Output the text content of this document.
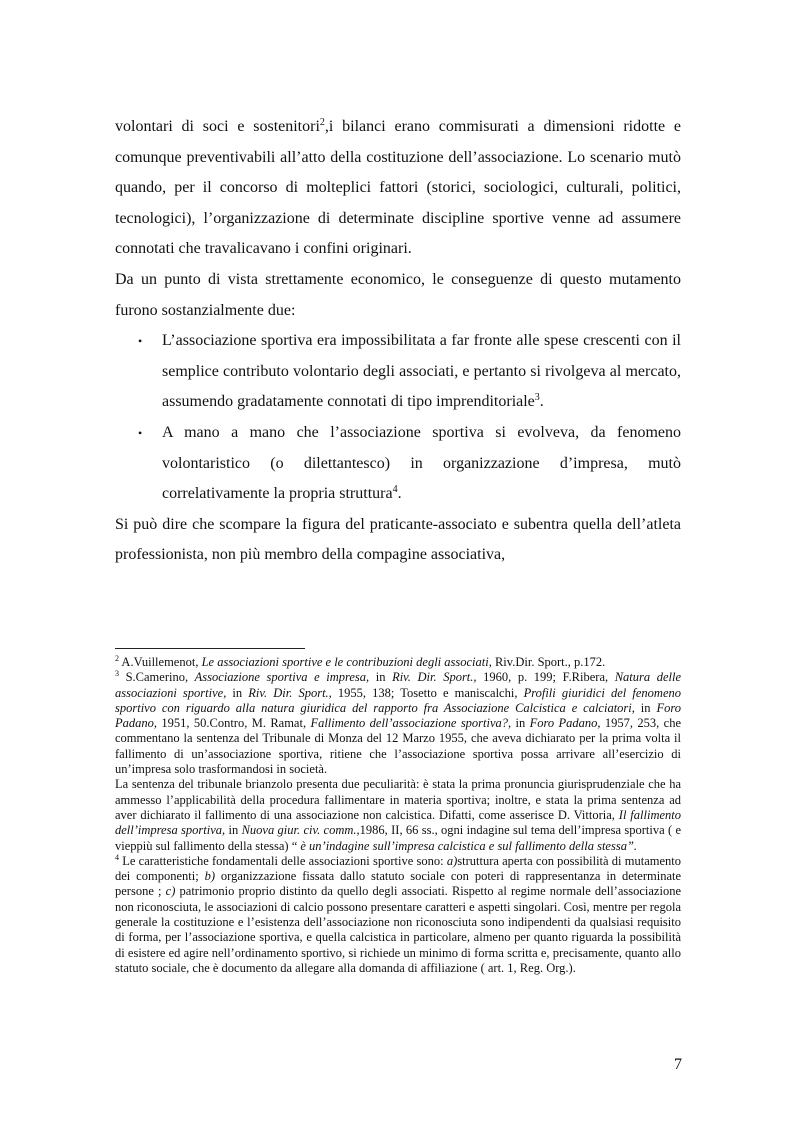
volontari di soci e sostenitori$^2$,i bilanci erano commisurati a dimensioni ridotte e comunque preventivabili all’atto della costituzione dell’associazione. Lo scenario mutò quando, per il concorso di molteplici fattori (storici, sociologici, culturali, politici, tecnologici), l’organizzazione di determinate discipline sportive venne ad assumere connotati che travalicavano i confini originari.

Da un punto di vista strettamente economico, le conseguenze di questo mutamento furono sostanzialmente due:

• L’associazione sportiva era impossibilitata a far fronte alle spese crescenti con il semplice contributo volontario degli associati, e pertanto si rivolgeva al mercato, assumendo gradatamente connotati di tipo imprenditoriale$^3$.
• A mano a mano che l’associazione sportiva si evolveva, da fenomeno volontaristico (o dilettantesco) in organizzazione d’impresa, mutò correlativamente la propria struttura$^4$.

Si può dire che scompare la figura del praticante-associato e subentra quella dell’atleta professionista, non più membro della compagine associativa,

$^2$ A.Vuillemenot, Le associazioni sportive e le contribuzioni degli associati, Riv.Dir. Sport., p.172.

$^3$ S.Camerino, Associazione sportiva e impresa, in Riv. Dir. Sport., 1960, p. 199; F.Ribera, Natura delle associazioni sportive, in Riv. Dir. Sport., 1955, 138; Tosetto e maniscalchi, Profili giuridici del fenomeno sportivo con riguardo alla natura giuridica del rapporto fra Associazione Calcistica e calciatori, in Foro Padano, 1951, 50.Contro, M. Ramat, Fallimento dell’associazione sportiva?, in Foro Padano, 1957, 253, che commentano la sentenza del Tribunale di Monza del 12 Marzo 1955, che aveva dichiarato per la prima volta il fallimento di un’associazione sportiva, ritiene che l’associazione sportiva possa arrivare all’esercizio di un’impresa solo trasformandosi in società.

La sentenza del tribunale brianzolo presenta due peculiarità: è stata la prima pronuncia giurisprudenziale che ha ammesso l’applicabilità della procedura fallimentare in materia sportiva; inoltre, e stata la prima sentenza ad aver dichiarato il fallimento di una associazione non calcistica. Difatti, come asserisce D. Vittoria, Il fallimento dell’impresa sportiva, in Nuova giur. civ. comm.,1986, II, 66 ss., ogni indagine sul tema dell’impresa sportiva ( e vieppiù sul fallimento della stessa) “ è un’indagine sull’impresa calcistica e sul fallimento della stessa”.

$^4$ Le caratteristiche fondamentali delle associazioni sportive sono: a)struttura aperta con possibilità di mutamento dei componenti; b) organizzazione fissata dallo statuto sociale con poteri di rappresentanza in determinate persone ; c) patrimonio proprio distinto da quello degli associati. Rispetto al regime normale dell’associazione non riconosciuta, le associazioni di calcio possono presentare caratteri e aspetti singolari. Così, mentre per regola generale la costituzione e l’esistenza dell’associazione non riconosciuta sono indipendenti da qualsiasi requisito di forma, per l’associazione sportiva, e quella calcistica in particolare, almeno per quanto riguarda la possibilità di esistere ed agire nell’ordinamento sportivo, si richiede un minimo di forma scritta e, precisamente, quanto allo statuto sociale, che è documento da allegare alla domanda di affiliazione ( art. 1, Reg. Org.).

7
